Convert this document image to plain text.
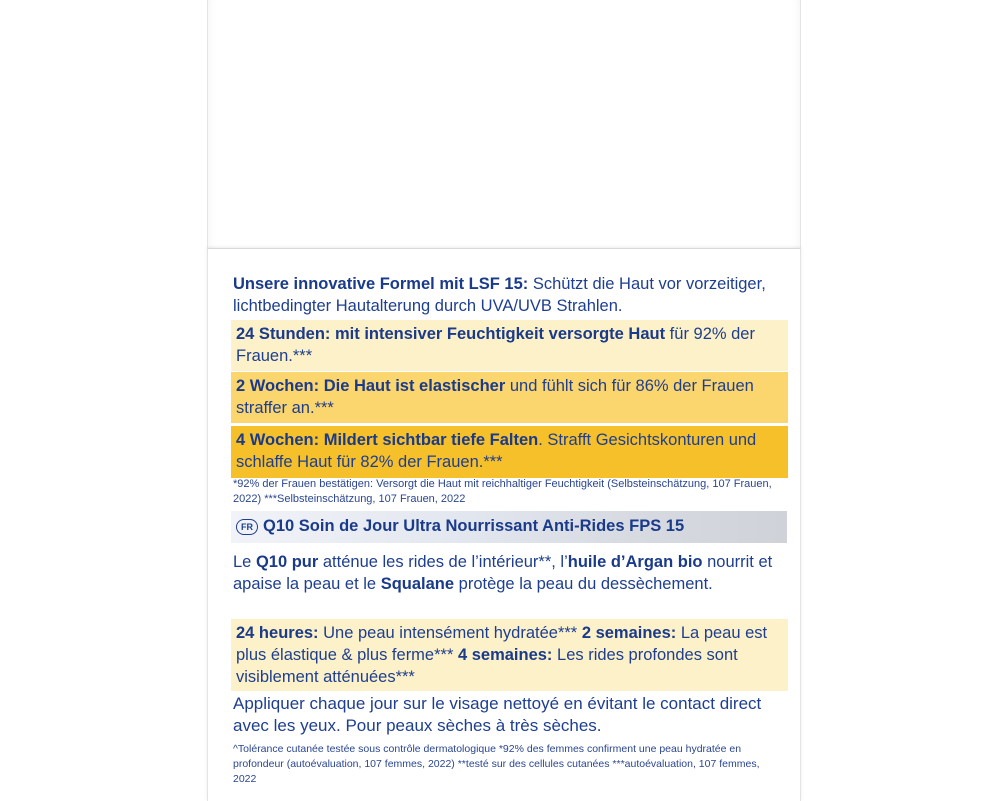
Unsere innovative Formel mit LSF 15: Schützt die Haut vor vorzeitiger, lichtbedingter Hautalterung durch UVA/UVB Strahlen.
24 Stunden: mit intensiver Feuchtigkeit versorgte Haut für 92% der Frauen.***
2 Wochen: Die Haut ist elastischer und fühlt sich für 86% der Frauen straffer an.***
4 Wochen: Mildert sichtbar tiefe Falten. Strafft Gesichtskonturen und schlaffe Haut für 82% der Frauen.***
*92% der Frauen bestätigen: Versorgt die Haut mit reichhaltiger Feuchtigkeit (Selbsteinschätzung, 107 Frauen, 2022) ***Selbsteinschätzung, 107 Frauen, 2022
FR Q10 Soin de Jour Ultra Nourrissant Anti-Rides FPS 15
Le Q10 pur atténue les rides de l’intérieur**, l’huile d’Argan bio nourrit et apaise la peau et le Squalane protège la peau du dessèchement.
24 heures: Une peau intensément hydratée*** 2 semaines: La peau est plus élastique & plus ferme*** 4 semaines: Les rides profondes sont visiblement atténuées***
Appliquer chaque jour sur le visage nettoyé en évitant le contact direct avec les yeux. Pour peaux sèches à très sèches.
^Tolérance cutanée testée sous contrôle dermatologique *92% des femmes confirment une peau hydratée en profondeur (autoévaluation, 107 femmes, 2022) **testé sur des cellules cutanées ***autoévaluation, 107 femmes, 2022
